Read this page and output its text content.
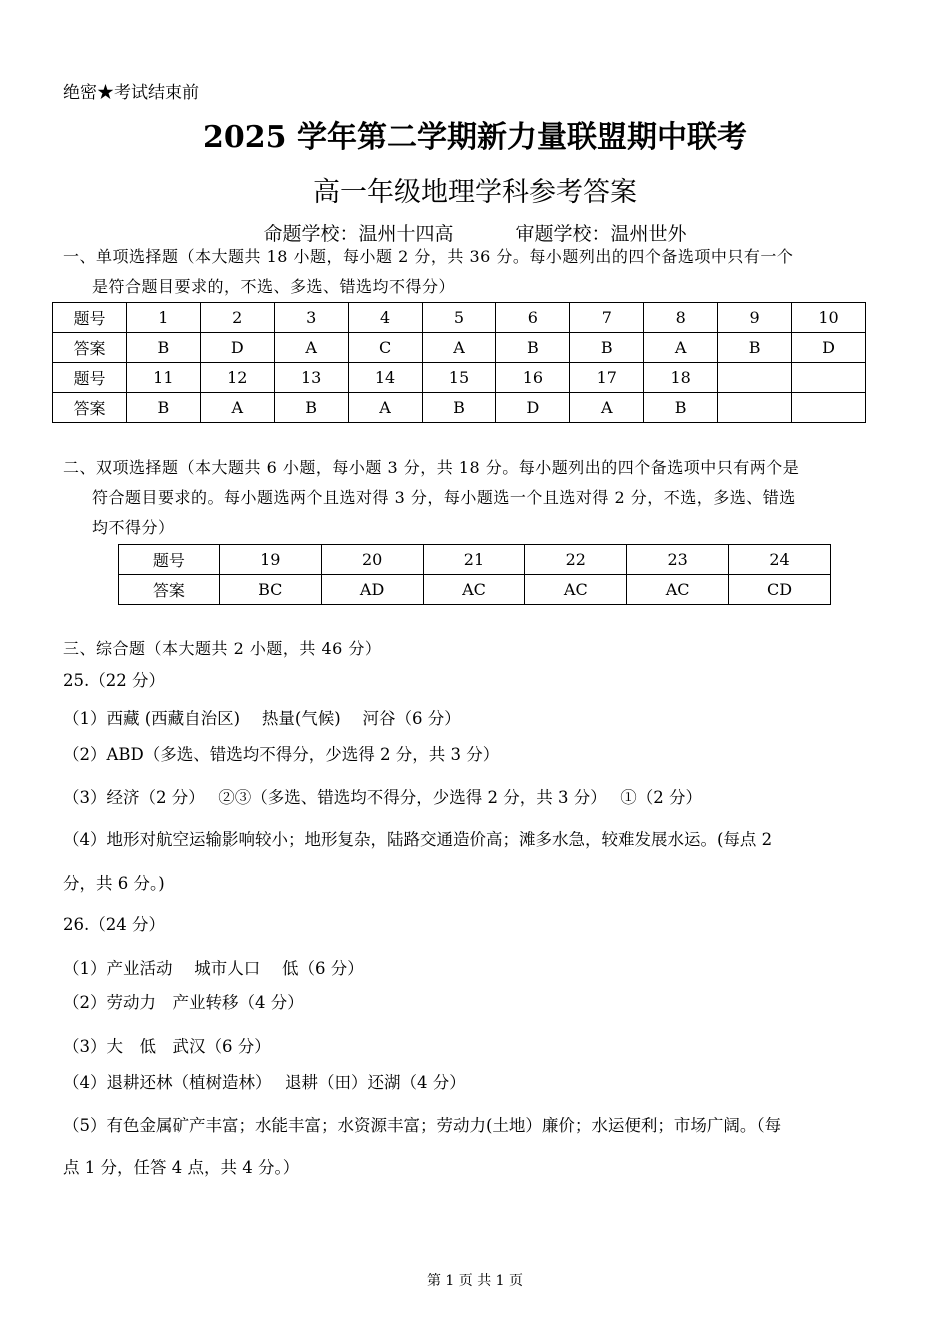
绝密★考试结束前
2025 学年第二学期新力量联盟期中联考
高一年级地理学科参考答案
命题学校：温州十四高	审题学校：温州世外
一、单项选择题（本大题共 18 小题，每小题 2 分，共 36 分。每小题列出的四个备选项中只有一个
是符合题目要求的，不选、多选、错选均不得分）
题号	1	2	3	4	5	6	7	8	9	10
答案	B	D	A	C	A	B	B	A	B	D
题号	11	12	13	14	15	16	17	18		
答案	B	A	B	A	B	D	A	B		
二、双项选择题（本大题共 6 小题，每小题 3 分，共 18 分。每小题列出的四个备选项中只有两个是
符合题目要求的。每小题选两个且选对得 3 分，每小题选一个且选对得 2 分，不选，多选、错选
均不得分）
题号	19	20	21	22	23	24
答案	BC	AD	AC	AC	AC	CD
三、综合题（本大题共 2 小题，共 46 分）
25.（22 分）
（1）西藏 (西藏自治区)　 热量(气候)　 河谷（6 分）
（2）ABD（多选、错选均不得分，少选得 2 分，共 3 分）
（3）经济（2 分）　 ②③（多选、错选均不得分，少选得 2 分，共 3 分）　 ①（2 分）
（4）地形对航空运输影响较小；地形复杂，陆路交通造价高；滩多水急，较难发展水运。(每点 2
分，共 6 分。)
26.（24 分）
（1）产业活动　 城市人口　 低（6 分）
（2）劳动力　产业转移（4 分）
（3）大　低　武汉（6 分）
（4）退耕还林（植树造林）　 退耕（田）还湖（4 分）
（5）有色金属矿产丰富；水能丰富；水资源丰富；劳动力(土地）廉价；水运便利；市场广阔。（每
点 1 分，任答 4 点，共 4 分。）
第 1 页 共 1 页
